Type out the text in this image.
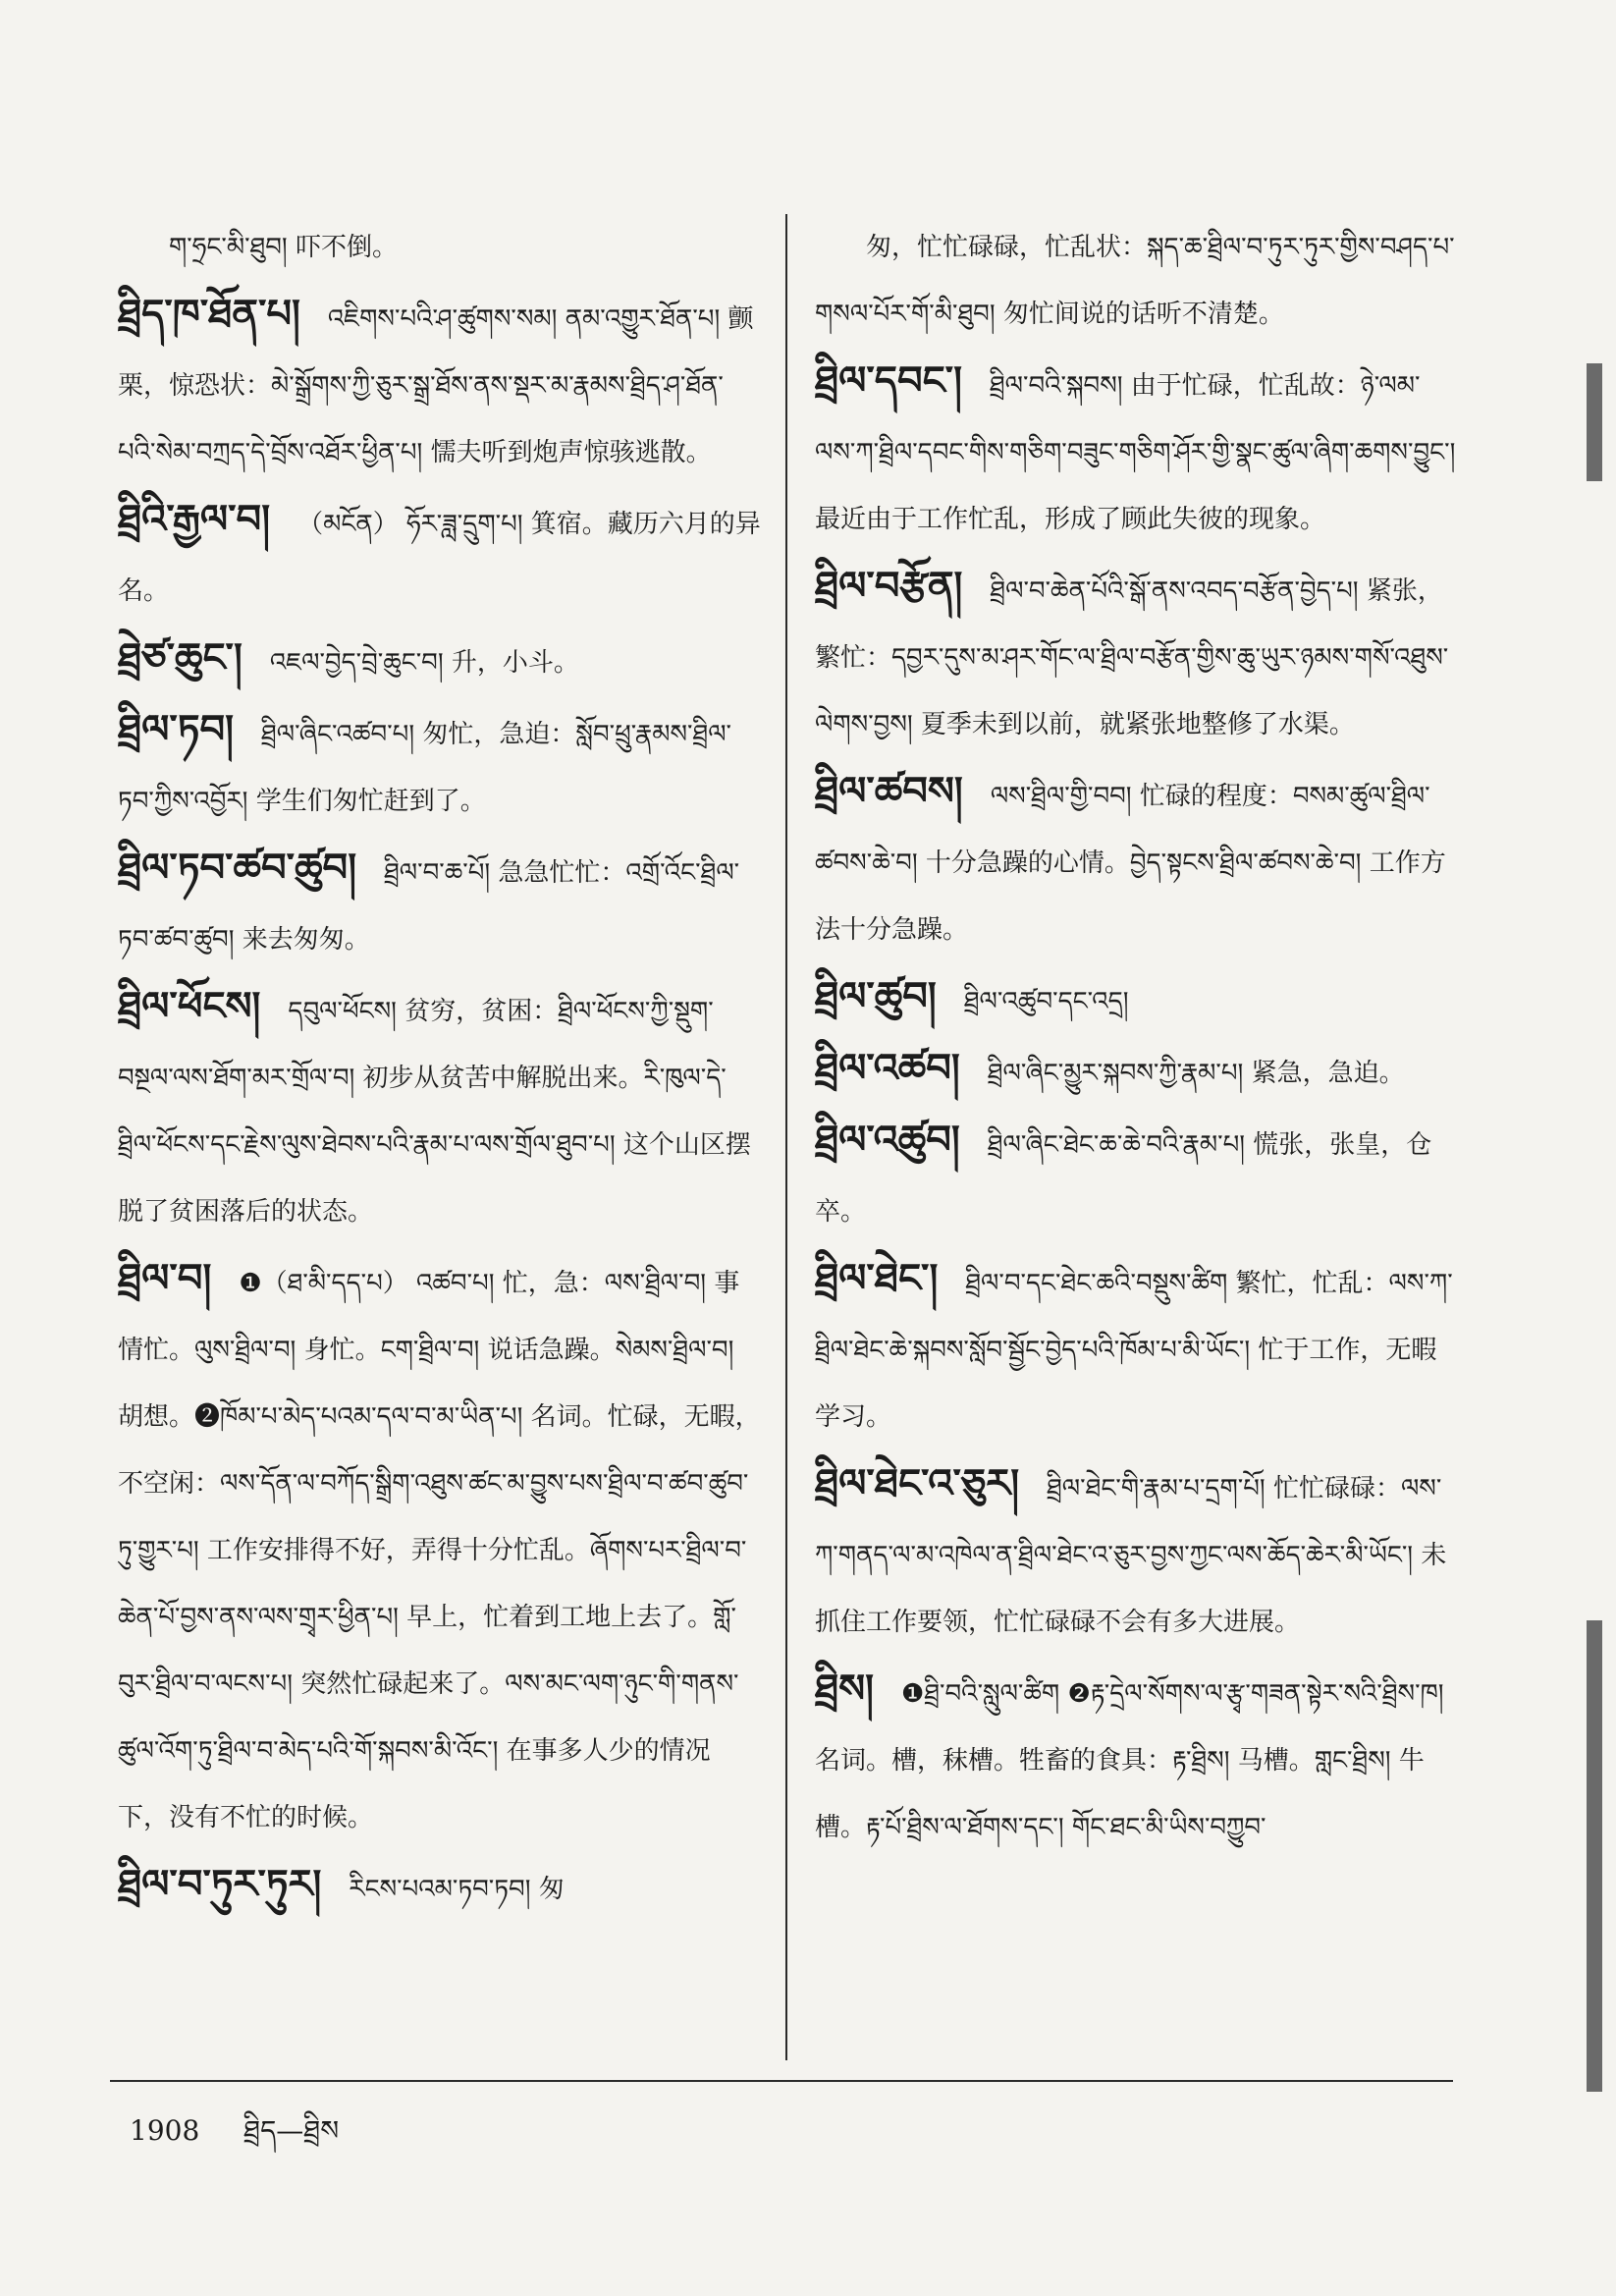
ག་ཧྲང་མི་ཐུབ། 吓不倒。

ཐྲིད་ཁ་ཐོན་པ། འཇིགས་པའི་ཤ་ཚུགས་སམ། ནམ་འགྱུར་ཐོན་པ། 颤栗，惊恐状：མེ་སྒྲོགས་ཀྱི་ཅུར་སྒྲ་ཐོས་ནས་སྡར་མ་རྣམས་ཐྲིད་ཤ་ཐོན་པའི་སེམ་བཀྲད་དེ་བྲོས་འཐོར་ཕྱིན་པ། 懦夫听到炮声惊骇逃散。

ཐྲིའི་རྒྱལ་བ། （མངོན） ཧོར་ཟླ་དྲུག་པ། 箕宿。藏历六月的异名。

ཐྲེཙ་ཆུང་། འཇལ་བྱེད་བྲེ་ཆུང་བ། 升，小斗。

ཐྲིལ་ཏབ། ཐྲིལ་ཞིང་འཚབ་པ། 匆忙，急迫：སློབ་ཕྲུ་རྣམས་ཐྲིལ་ཏབ་ཀྱིས་འབྱོར། 学生们匆忙赶到了。

ཐྲིལ་ཏབ་ཚབ་ཚུབ། ཐྲིལ་བ་ཆ་པོ། 急急忙忙：འགྲོ་འོང་ཐྲིལ་ཏབ་ཚབ་ཚུབ། 来去匆匆。

ཐྲིལ་ཕོངས། དབུལ་ཕོངས། 贫穷，贫困：ཐྲིལ་ཕོངས་ཀྱི་སྡུག་བསྔལ་ལས་ཐོག་མར་གྲོལ་བ། 初步从贫苦中解脱出来。རི་ཁུལ་དེ་ཐྲིལ་ཕོངས་དང་རྗེས་ལུས་ཐེབས་པའི་རྣམ་པ་ལས་གྲོལ་ཐུབ་པ། 这个山区摆脱了贫困落后的状态。

ཐྲིལ་བ། ❶（ཐ་མི་དད་པ） འཚབ་པ། 忙，急：ལས་ཐྲིལ་བ། 事情忙。ལུས་ཐྲིལ་བ། 身忙。ངག་ཐྲིལ་བ། 说话急躁。སེམས་ཐྲིལ་བ། 胡想。❷ཁོམ་པ་མེད་པའམ་དལ་བ་མ་ཡིན་པ། 名词。忙碌，无暇，不空闲：ལས་དོན་ལ་བཀོད་སྒྲིག་འཐུས་ཚང་མ་བྱུས་པས་ཐྲིལ་བ་ཚབ་ཚུབ་ཏུ་གྱུར་པ། 工作安排得不好，弄得十分忙乱。ཞོགས་པར་ཐྲིལ་བ་ཆེན་པོ་བྱས་ནས་ལས་གྲྭར་ཕྱིན་པ། 早上，忙着到工地上去了。གློ་བུར་ཐྲིལ་བ་ལངས་པ། 突然忙碌起来了。ལས་མང་ལག་ཉུང་གི་གནས་ཚུལ་འོག་ཏུ་ཐྲིལ་བ་མེད་པའི་གོ་སྐབས་མི་འོང་། 在事多人少的情况下，没有不忙的时候。

ཐྲིལ་བ་ཏུར་ཏུར། རིངས་པའམ་ཏབ་ཏབ། 匆

匆，忙忙碌碌，忙乱状：སྐད་ཆ་ཐྲིལ་བ་ཏུར་ཏུར་གྱིས་བཤད་པ་གསལ་པོར་གོ་མི་ཐུབ། 匆忙间说的话听不清楚。

ཐྲིལ་དབང་། ཐྲིལ་བའི་སྐབས། 由于忙碌，忙乱故：ཉེ་ལམ་ལས་ཀ་ཐྲིལ་དབང་གིས་གཅིག་བཟུང་གཅིག་ཤོར་གྱི་སྣང་ཚུལ་ཞིག་ཆགས་བྱུང་། 最近由于工作忙乱，形成了顾此失彼的现象。

ཐྲིལ་བརྩོན། ཐྲིལ་བ་ཆེན་པོའི་སྒོ་ནས་འབད་བརྩོན་བྱེད་པ། 紧张，繁忙：དབྱར་དུས་མ་ཤར་གོང་ལ་ཐྲིལ་བརྩོན་གྱིས་ཆུ་ཡུར་ཉམས་གསོ་འཐུས་ལེགས་བྱས། 夏季未到以前，就紧张地整修了水渠。

ཐྲིལ་ཚབས། ལས་ཐྲིལ་གྱི་བབ། 忙碌的程度：བསམ་ཚུལ་ཐྲིལ་ཚབས་ཆེ་བ། 十分急躁的心情。བྱེད་སྟངས་ཐྲིལ་ཚབས་ཆེ་བ། 工作方法十分急躁。

ཐྲིལ་ཚུབ། ཐྲིལ་འཚུབ་དང་འདྲ།

ཐྲིལ་འཚབ། ཐྲིལ་ཞིང་མྱུར་སྐབས་ཀྱི་རྣམ་པ། 紧急，急迫。

ཐྲིལ་འཚུབ། ཐྲིལ་ཞིང་ཐེང་ཆ་ཆེ་བའི་རྣམ་པ། 慌张，张皇，仓卒。

ཐྲིལ་ཐེང་། ཐྲིལ་བ་དང་ཐེང་ཆའི་བསྡུས་ཚིག 繁忙，忙乱：ལས་ཀ་ཐྲིལ་ཐེང་ཆེ་སྐབས་སློབ་སྦྱོང་བྱེད་པའི་ཁོམ་པ་མི་ཡོང་། 忙于工作，无暇学习。

ཐྲིལ་ཐེང་འ་ཅུར། ཐྲིལ་ཐེང་གི་རྣམ་པ་དྲག་པོ། 忙忙碌碌：ལས་ཀ་གནད་ལ་མ་འཁེལ་ན་ཐྲིལ་ཐེང་འ་ཅུར་བྱས་ཀྱང་ལས་ཆོད་ཆེར་མི་ཡོང་། 未抓住工作要领，忙忙碌碌不会有多大进展。

ཐྲིས། ❶ཐྲི་བའི་སླུལ་ཚིག ❷རྟ་དྲེལ་སོགས་ལ་རྩྭ་གཟན་སྟེར་སའི་ཐྲིས་ཁ། 名词。槽，秣槽。牲畜的食具：རྟ་ཐྲིས། 马槽。གླང་ཐྲིས། 牛槽。རྟ་པོ་ཐྲིས་ལ་ཐོགས་དང་། གོང་ཐང་མི་ཡིས་བཀྱུབ་

1908 ཐྲིད—ཐྲིས
